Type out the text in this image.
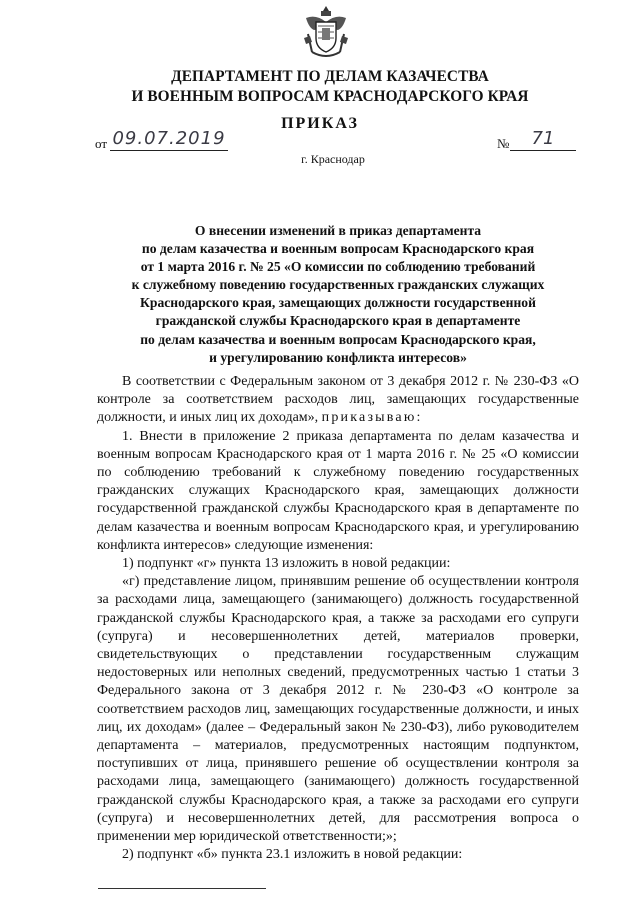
ДЕПАРТАМЕНТ ПО ДЕЛАМ КАЗАЧЕСТВА
И ВОЕННЫМ ВОПРОСАМ КРАСНОДАРСКОГО КРАЯ
ПРИКАЗ
от 09.07.2019	№	71
г. Краснодар
О внесении изменений в приказ департамента
по делам казачества и военным вопросам Краснодарского края
от 1 марта 2016 г. № 25 «О комиссии по соблюдению требований
к служебному поведению государственных гражданских служащих
Краснодарского края, замещающих должности государственной
гражданской службы Краснодарского края в департаменте
по делам казачества и военным вопросам Краснодарского края,
и урегулированию конфликта интересов»

В соответствии с Федеральным законом от 3 декабря 2012 г. № 230-ФЗ «О контроле за соответствием расходов лиц, замещающих государственные должности, и иных лиц их доходам», приказываю:

1. Внести в приложение 2 приказа департамента по делам казачества и военным вопросам Краснодарского края от 1 марта 2016 г. № 25 «О комиссии по соблюдению требований к служебному поведению государственных гражданских служащих Краснодарского края, замещающих должности государственной гражданской службы Краснодарского края в департаменте по делам казачества и военным вопросам Краснодарского края, и урегулированию конфликта интересов» следующие изменения:

1) подпункт «г» пункта 13 изложить в новой редакции:

«г) представление лицом, принявшим решение об осуществлении контроля за расходами лица, замещающего (занимающего) должность государственной гражданской службы Краснодарского края, а также за расходами его супруги (супруга) и несовершеннолетних детей, материалов проверки, свидетельствующих о представлении государственным служащим недостоверных или неполных сведений, предусмотренных частью 1 статьи 3 Федерального закона от 3 декабря 2012 г. № 230-ФЗ «О контроле за соответствием расходов лиц, замещающих государственные должности, и иных лиц, их доходам» (далее – Федеральный закон № 230-ФЗ), либо руководителем департамента – материалов, предусмотренных настоящим подпунктом, поступивших от лица, принявшего решение об осуществлении контроля за расходами лица, замещающего (занимающего) должность государственной гражданской службы Краснодарского края, а также за расходами его супруги (супруга) и несовершеннолетних детей, для рассмотрения вопроса о применении мер юридической ответственности;»;

2) подпункт «б» пункта 23.1 изложить в новой редакции:
